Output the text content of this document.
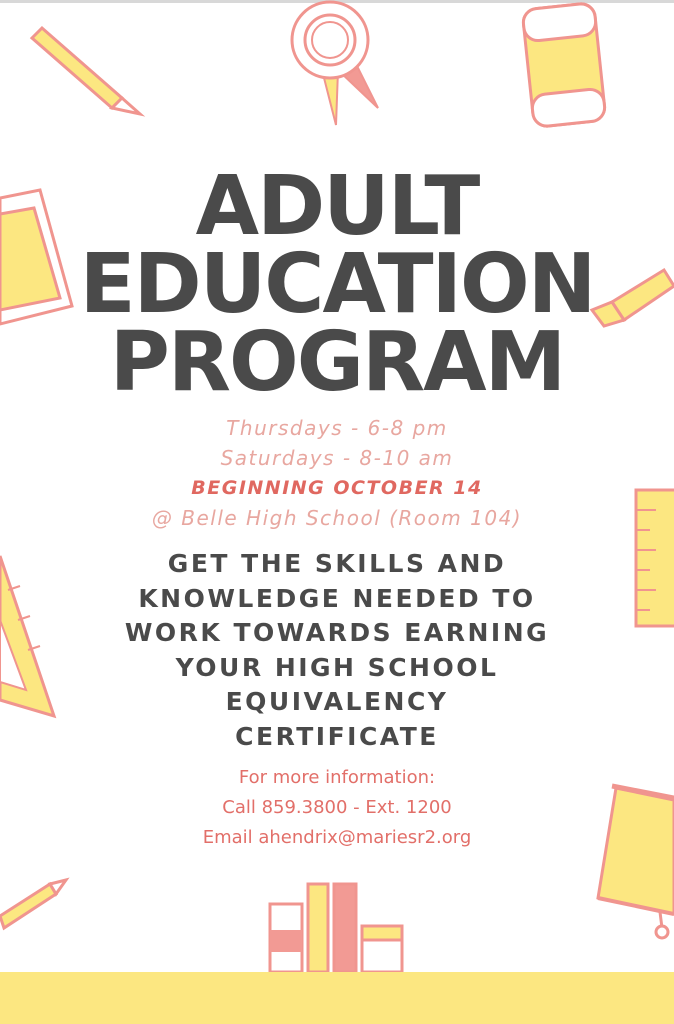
ADULT
EDUCATION
PROGRAM
Thursdays - 6-8 pm
Saturdays - 8-10 am
BEGINNING OCTOBER 14
@ Belle High School (Room 104)
GET THE SKILLS AND
KNOWLEDGE NEEDED TO
WORK TOWARDS EARNING
YOUR HIGH SCHOOL
EQUIVALENCY
CERTIFICATE
For more information:
Call 859.3800 - Ext. 1200
Email ahendrix@mariesr2.org
